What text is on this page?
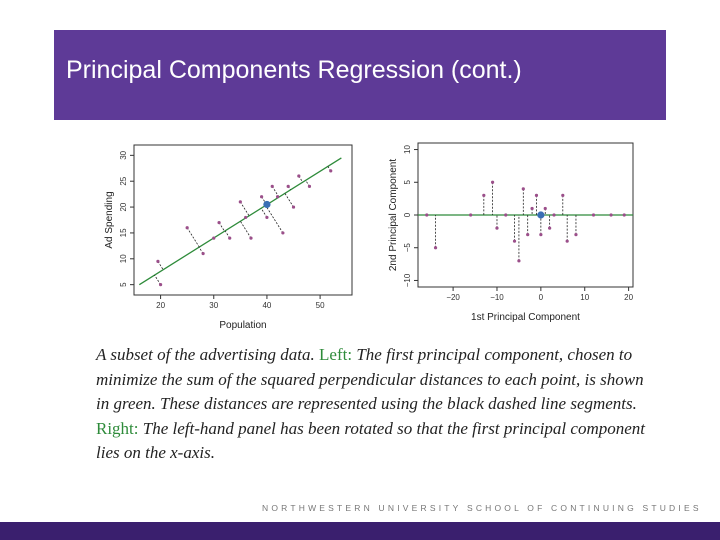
Principal Components Regression (cont.)
20	30	40	50
5
10
15
20
25
30
Population
Ad Spending
−20	−10	0	10	20
−10
−5
0
5
10
1st Principal Component
2nd Principal Component
A subset of the advertising data. Left: The first principal component, chosen to minimize the sum of the squared perpendicular distances to each point, is shown in green. These distances are represented using the black dashed line segments. Right: The left-hand panel has been rotated so that the first principal component lies on the x-axis.
NORTHWESTERN UNIVERSITY SCHOOL OF CONTINUING STUDIES
